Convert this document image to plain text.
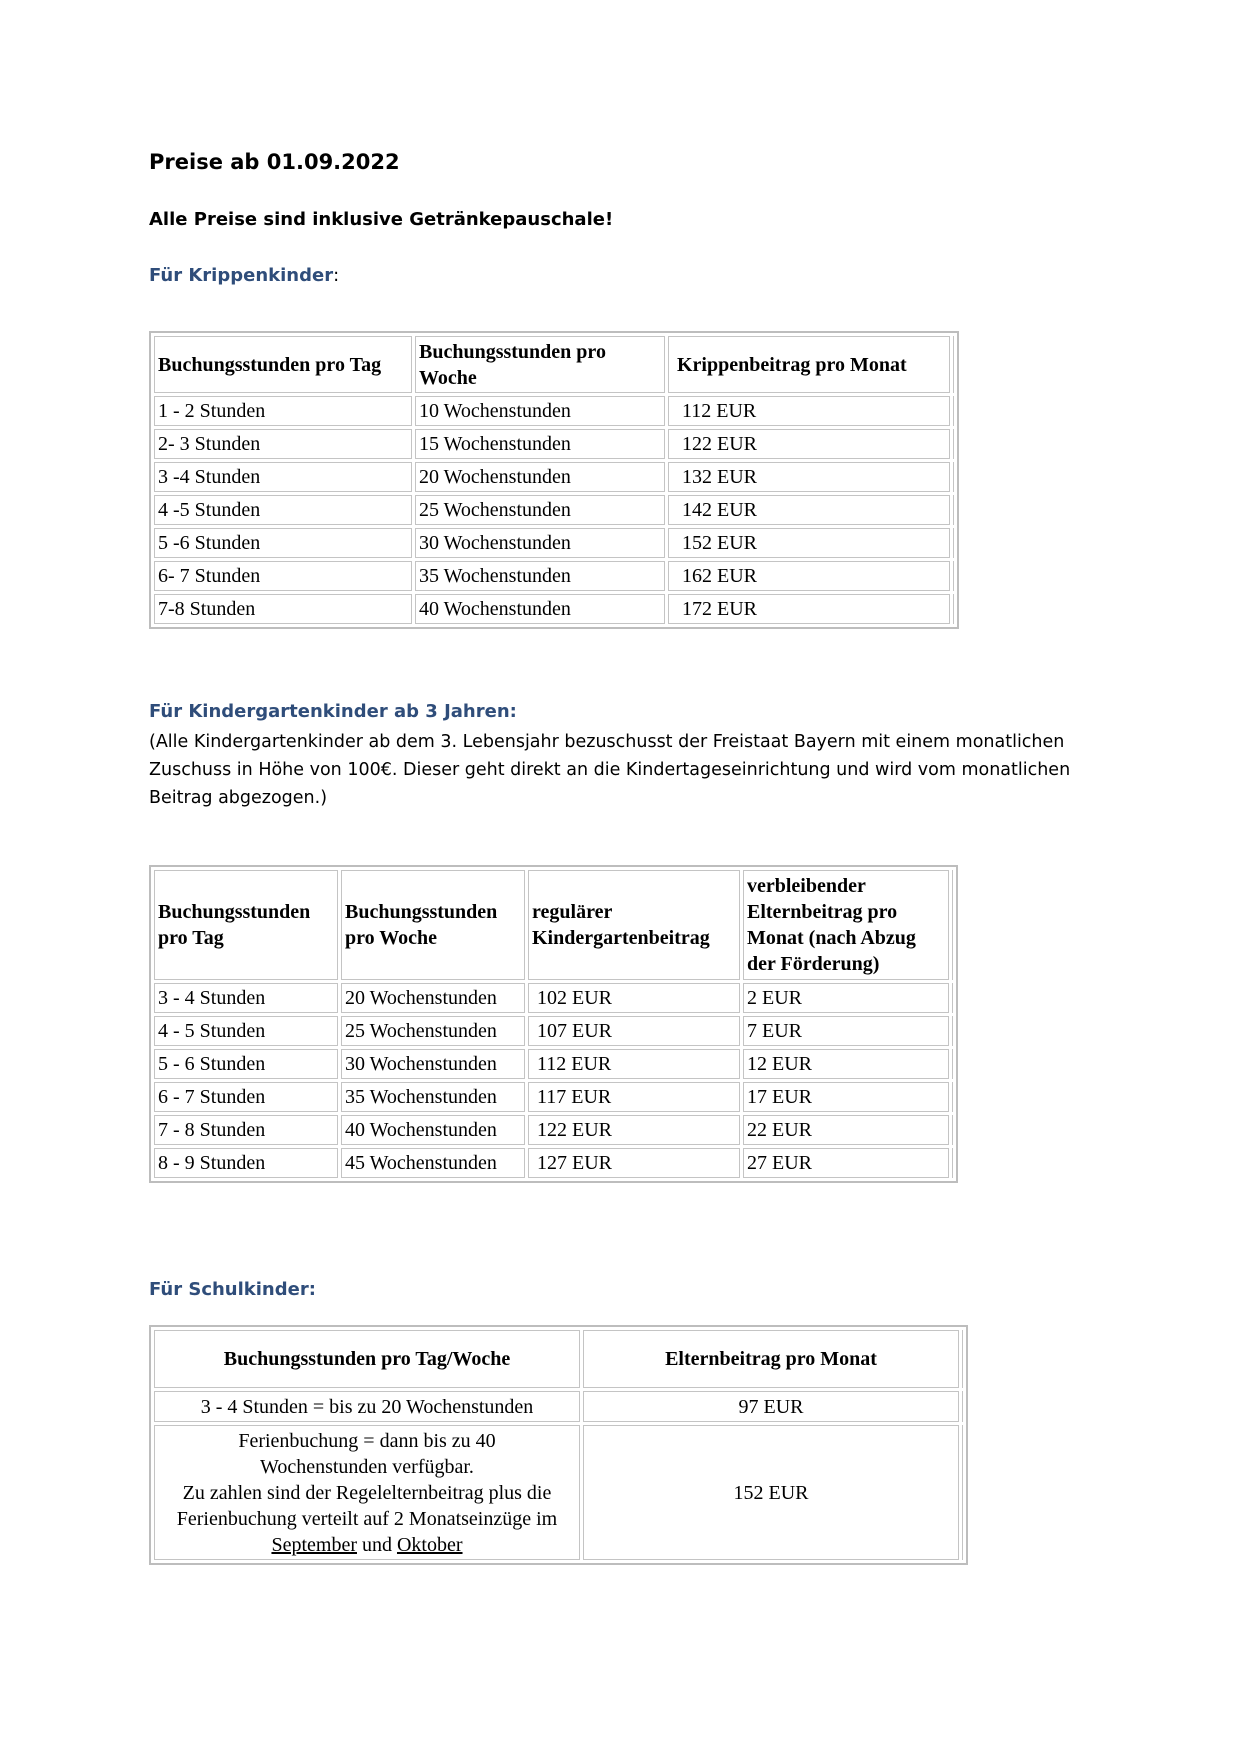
Preise ab 01.09.2022
Alle Preise sind inklusive Getränkepauschale!
Für Krippenkinder:
Buchungsstunden pro Tag	Buchungsstunden pro Woche	Krippenbeitrag pro Monat	
1 - 2 Stunden	10 Wochenstunden	112 EUR	
2- 3 Stunden	15 Wochenstunden	122 EUR	
3 -4 Stunden	20 Wochenstunden	132 EUR	
4 -5 Stunden	25 Wochenstunden	142 EUR	
5 -6 Stunden	30 Wochenstunden	152 EUR	
6- 7 Stunden	35 Wochenstunden	162 EUR	
7-8 Stunden	40 Wochenstunden	172 EUR	
Für Kindergartenkinder ab 3 Jahren:
(Alle Kindergartenkinder ab dem 3. Lebensjahr bezuschusst der Freistaat Bayern mit einem monatlichen Zuschuss in Höhe von 100€. Dieser geht direkt an die Kindertageseinrichtung und wird vom monatlichen Beitrag abgezogen.)
Buchungsstunden pro Tag	Buchungsstunden pro Woche	regulärer Kindergartenbeitrag	verbleibender Elternbeitrag pro Monat (nach Abzug der Förderung)	
3 - 4 Stunden	20 Wochenstunden	102 EUR	2 EUR	
4 - 5 Stunden	25 Wochenstunden	107 EUR	7 EUR	
5 - 6 Stunden	30 Wochenstunden	112 EUR	12 EUR	
6 - 7 Stunden	35 Wochenstunden	117 EUR	17 EUR	
7 - 8 Stunden	40 Wochenstunden	122 EUR	22 EUR	
8 - 9 Stunden	45 Wochenstunden	127 EUR	27 EUR	
Für Schulkinder:
Buchungsstunden pro Tag/Woche	Elternbeitrag pro Monat	
3 - 4 Stunden = bis zu 20 Wochenstunden	97 EUR	

Ferienbuchung = dann bis zu 40 Wochenstunden verfügbar.
Zu zahlen sind der Regelelternbeitrag plus die Ferienbuchung verteilt auf 2 Monatseinzüge im September und Oktober	152 EUR	
